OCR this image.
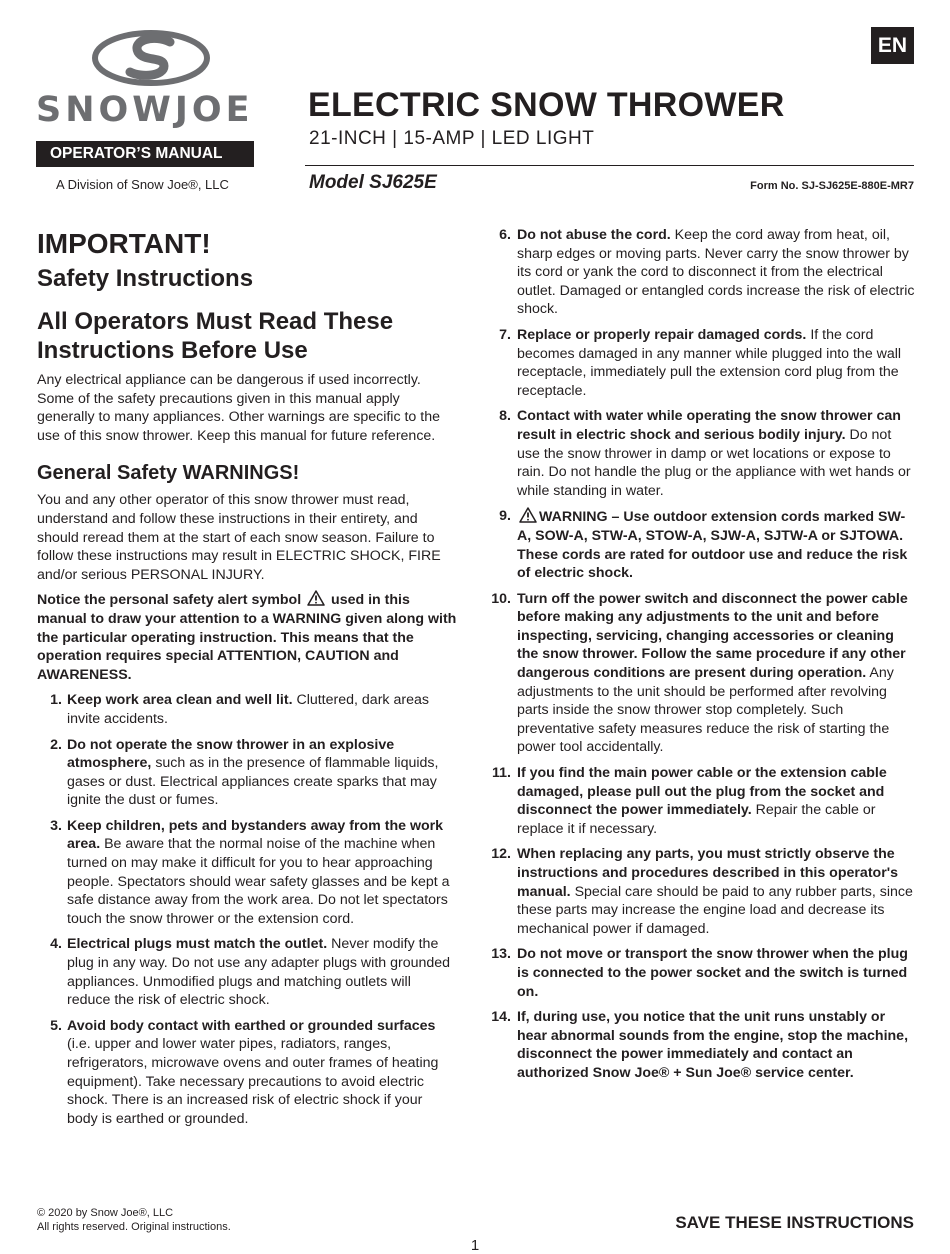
SNOWJOE
OPERATOR’S MANUAL
A Division of Snow Joe®, LLC
EN
ELECTRIC SNOW THROWER
21-INCH | 15-AMP | LED LIGHT
Model SJ625E	Form No. SJ-SJ625E-880E-MR7
IMPORTANT!
Safety Instructions
All Operators Must Read These Instructions Before Use

Any electrical appliance can be dangerous if used incorrectly. Some of the safety precautions given in this manual apply generally to many appliances. Other warnings are specific to the use of this snow thrower. Keep this manual for future reference.

General Safety WARNINGS!

You and any other operator of this snow thrower must read, understand and follow these instructions in their entirety, and should reread them at the start of each snow season. Failure to follow these instructions may result in ELECTRIC SHOCK, FIRE and/or serious PERSONAL INJURY.

Notice the personal safety alert symbol used in this manual to draw your attention to a WARNING given along with the particular operating instruction. This means that the operation requires special ATTENTION, CAUTION and AWARENESS.

1. Keep work area clean and well lit. Cluttered, dark areas invite accidents.
2. Do not operate the snow thrower in an explosive atmosphere, such as in the presence of flammable liquids, gases or dust. Electrical appliances create sparks that may ignite the dust or fumes.
3. Keep children, pets and bystanders away from the work area. Be aware that the normal noise of the machine when turned on may make it difficult for you to hear approaching people. Spectators should wear safety glasses and be kept a safe distance away from the work area. Do not let spectators touch the snow thrower or the extension cord.
4. Electrical plugs must match the outlet. Never modify the plug in any way. Do not use any adapter plugs with grounded appliances. Unmodified plugs and matching outlets will reduce the risk of electric shock.
5. Avoid body contact with earthed or grounded surfaces (i.e. upper and lower water pipes, radiators, ranges, refrigerators, microwave ovens and outer frames of heating equipment). Take necessary precautions to avoid electric shock. There is an increased risk of electric shock if your body is earthed or grounded.
6. Do not abuse the cord. Keep the cord away from heat, oil, sharp edges or moving parts. Never carry the snow thrower by its cord or yank the cord to disconnect it from the electrical outlet. Damaged or entangled cords increase the risk of electric shock.
7. Replace or properly repair damaged cords. If the cord becomes damaged in any manner while plugged into the wall receptacle, immediately pull the extension cord plug from the receptacle.
8. Contact with water while operating the snow thrower can result in electric shock and serious bodily injury. Do not use the snow thrower in damp or wet locations or expose to rain. Do not handle the plug or the appliance with wet hands or while standing in water.
9. WARNING – Use outdoor extension cords marked SW-A, SOW-A, STW-A, STOW-A, SJW-A, SJTW-A or SJTOWA. These cords are rated for outdoor use and reduce the risk of electric shock.
10. Turn off the power switch and disconnect the power cable before making any adjustments to the unit and before inspecting, servicing, changing accessories or cleaning the snow thrower. Follow the same procedure if any other dangerous conditions are present during operation. Any adjustments to the unit should be performed after revolving parts inside the snow thrower stop completely. Such preventative safety measures reduce the risk of starting the power tool accidentally.
11. If you find the main power cable or the extension cable damaged, please pull out the plug from the socket and disconnect the power immediately. Repair the cable or replace it if necessary.
12. When replacing any parts, you must strictly observe the instructions and procedures described in this operator's manual. Special care should be paid to any rubber parts, since these parts may increase the engine load and decrease its mechanical power if damaged.
13. Do not move or transport the snow thrower when the plug is connected to the power socket and the switch is turned on.
14. If, during use, you notice that the unit runs unstably or hear abnormal sounds from the engine, stop the machine, disconnect the power immediately and contact an authorized Snow Joe® + Sun Joe® service center.
© 2020 by Snow Joe®, LLC
All rights reserved. Original instructions.	SAVE THESE INSTRUCTIONS
1
